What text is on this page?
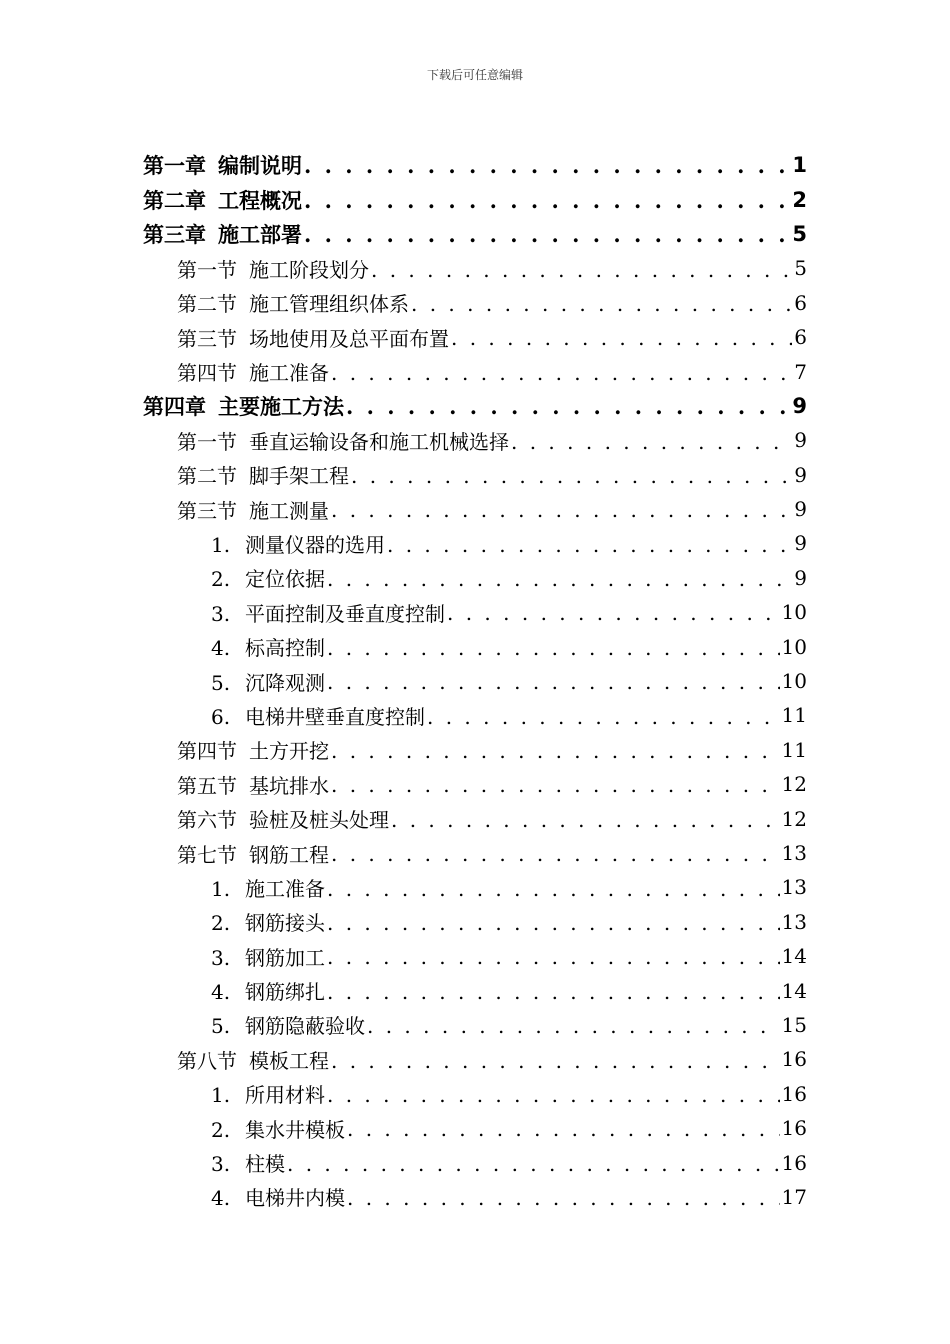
下载后可任意编辑
第一章 编制说明 . . .	1
第二章 工程概况 . . .	2
第三章 施工部署 . . .	5
第一节 施工阶段划分 . . .	5
第二节 施工管理组织体系 . . .	6
第三节 场地使用及总平面布置 . . .	6
第四节 施工准备 . . .	7
第四章 主要施工方法 . . .	9
第一节 垂直运输设备和施工机械选择 . . .	9
第二节 脚手架工程 . . .	9
第三节 施工测量 . . .	9
1. 测量仪器的选用 . . .	9
2. 定位依据 . . .	9
3. 平面控制及垂直度控制 . . .	10
4. 标高控制 . . .	10
5. 沉降观测 . . .	10
6. 电梯井壁垂直度控制 . . .	11
第四节 土方开挖 . . .	11
第五节 基坑排水 . . .	12
第六节 验桩及桩头处理 . . .	12
第七节 钢筋工程 . . .	13
1. 施工准备 . . .	13
2. 钢筋接头 . . .	13
3. 钢筋加工 . . .	14
4. 钢筋绑扎 . . .	14
5. 钢筋隐蔽验收 . . .	15
第八节 模板工程 . . .	16
1. 所用材料 . . .	16
2. 集水井模板 . . .	16
3. 柱模 . . .	16
4. 电梯井内模 . . .	17
